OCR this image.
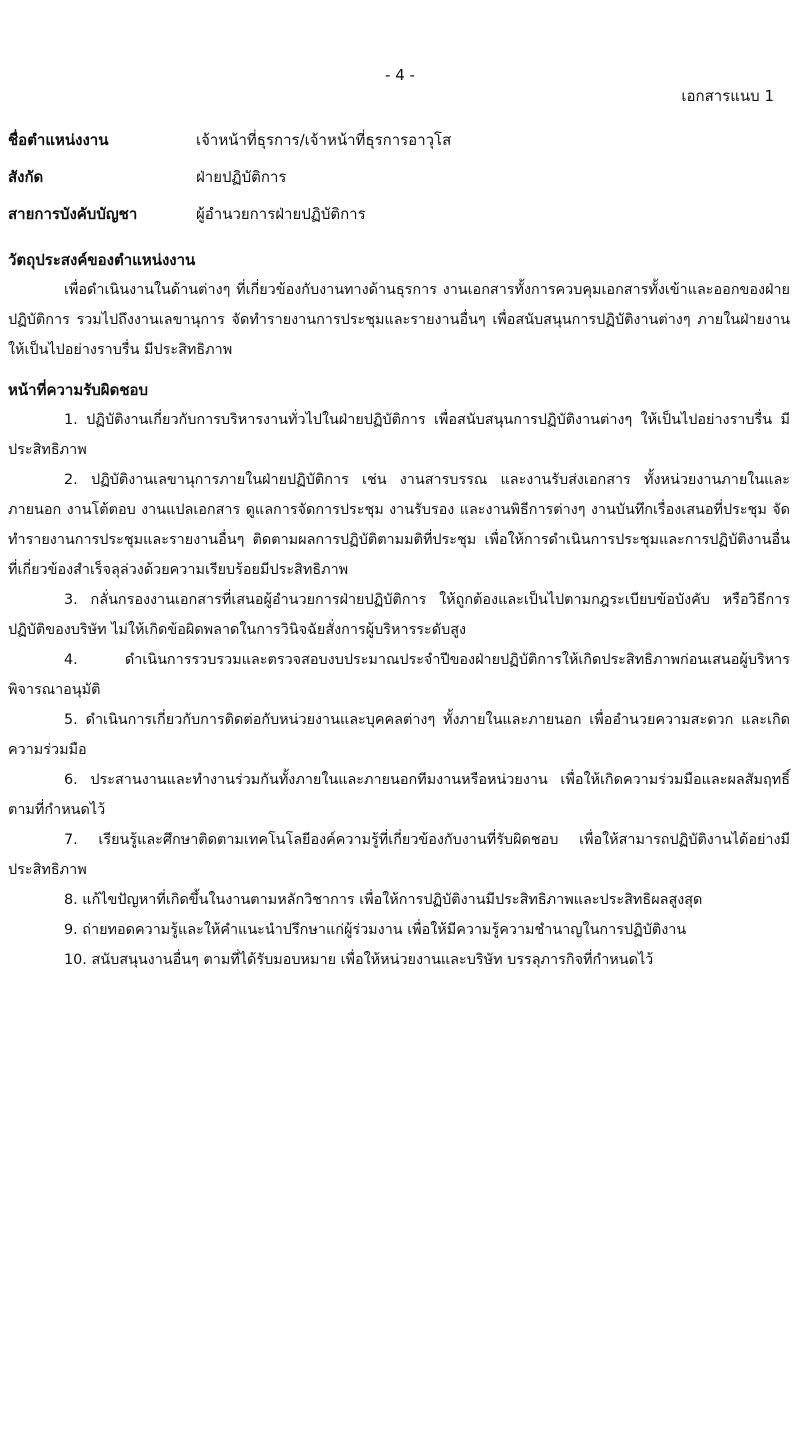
- 4 -
เอกสารแนบ 1
ชื่อตำแหน่งงาน	เจ้าหน้าที่ธุรการ/เจ้าหน้าที่ธุรการอาวุโส
สังกัด	ฝ่ายปฏิบัติการ
สายการบังคับบัญชา	ผู้อำนวยการฝ่ายปฏิบัติการ

วัตถุประสงค์ของตำแหน่งงาน

เพื่อดำเนินงานในด้านต่างๆ ที่เกี่ยวข้องกับงานทางด้านธุรการ งานเอกสารทั้งการควบคุมเอกสารทั้งเข้าและออกของฝ่ายปฏิบัติการ รวมไปถึงงานเลขานุการ จัดทำรายงานการประชุมและรายงานอื่นๆ เพื่อสนับสนุนการปฏิบัติงานต่างๆ ภายในฝ่ายงานให้เป็นไปอย่างราบรื่น มีประสิทธิภาพ

หน้าที่ความรับผิดชอบ

1. ปฏิบัติงานเกี่ยวกับการบริหารงานทั่วไปในฝ่ายปฏิบัติการ เพื่อสนับสนุนการปฏิบัติงานต่างๆ ให้เป็นไปอย่างราบรื่น มีประสิทธิภาพ

2. ปฏิบัติงานเลขานุการภายในฝ่ายปฏิบัติการ เช่น งานสารบรรณ และงานรับส่งเอกสาร ทั้งหน่วยงานภายในและภายนอก งานโต้ตอบ งานแปลเอกสาร ดูแลการจัดการประชุม งานรับรอง และงานพิธีการต่างๆ งานบันทึกเรื่องเสนอที่ประชุม จัดทำรายงานการประชุมและรายงานอื่นๆ ติดตามผลการปฏิบัติตามมติที่ประชุม เพื่อให้การดำเนินการประชุมและการปฏิบัติงานอื่นที่เกี่ยวข้องสำเร็จลุล่วงด้วยความเรียบร้อยมีประสิทธิภาพ

3. กลั่นกรองงานเอกสารที่เสนอผู้อำนวยการฝ่ายปฏิบัติการ ให้ถูกต้องและเป็นไปตามกฎระเบียบข้อบังคับ หรือวิธีการปฏิบัติของบริษัท ไม่ให้เกิดข้อผิดพลาดในการวินิจฉัยสั่งการผู้บริหารระดับสูง

4. ดำเนินการรวบรวมและตรวจสอบงบประมาณประจำปีของฝ่ายปฏิบัติการให้เกิดประสิทธิภาพก่อนเสนอผู้บริหารพิจารณาอนุมัติ

5. ดำเนินการเกี่ยวกับการติดต่อกับหน่วยงานและบุคคลต่างๆ ทั้งภายในและภายนอก เพื่ออำนวยความสะดวก และเกิดความร่วมมือ

6. ประสานงานและทำงานร่วมกันทั้งภายในและภายนอกทีมงานหรือหน่วยงาน เพื่อให้เกิดความร่วมมือและผลสัมฤทธิ์ตามที่กำหนดไว้

7. เรียนรู้และศึกษาติดตามเทคโนโลยีองค์ความรู้ที่เกี่ยวข้องกับงานที่รับผิดชอบ เพื่อให้สามารถปฏิบัติงานได้อย่างมีประสิทธิภาพ

8. แก้ไขปัญหาที่เกิดขึ้นในงานตามหลักวิชาการ เพื่อให้การปฏิบัติงานมีประสิทธิภาพและประสิทธิผลสูงสุด

9. ถ่ายทอดความรู้และให้คำแนะนำปรึกษาแก่ผู้ร่วมงาน เพื่อให้มีความรู้ความชำนาญในการปฏิบัติงาน

10. สนับสนุนงานอื่นๆ ตามที่ได้รับมอบหมาย เพื่อให้หน่วยงานและบริษัท บรรลุภารกิจที่กำหนดไว้
